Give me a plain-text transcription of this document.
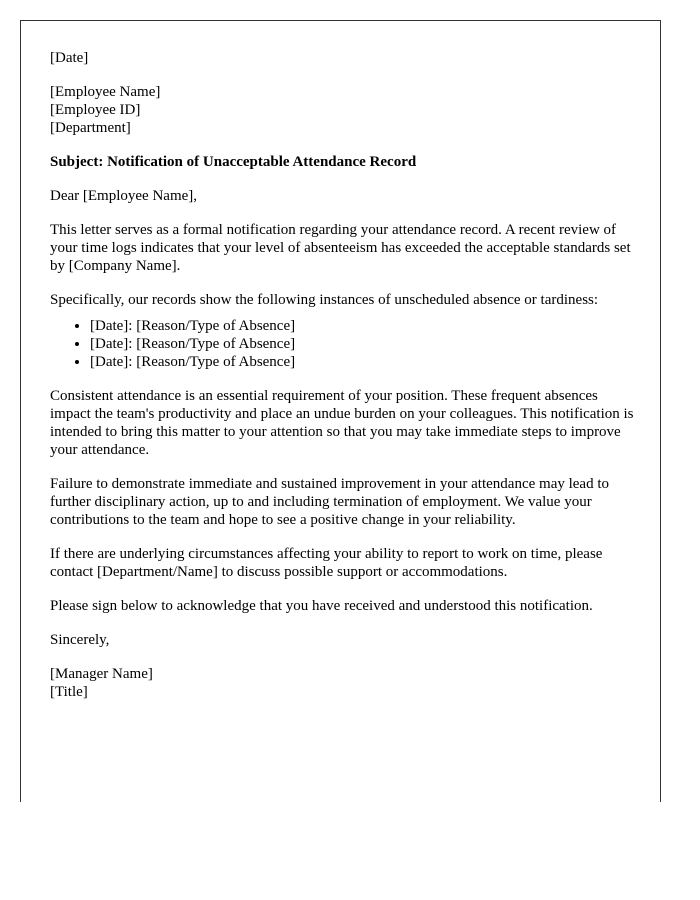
[Date]

[Employee Name]
[Employee ID]
[Department]

Subject: Notification of Unacceptable Attendance Record

Dear [Employee Name],

This letter serves as a formal notification regarding your attendance record. A recent review of your time logs indicates that your level of absenteeism has exceeded the acceptable standards set by [Company Name].

Specifically, our records show the following instances of unscheduled absence or tardiness:

• [Date]: [Reason/Type of Absence]
• [Date]: [Reason/Type of Absence]
• [Date]: [Reason/Type of Absence]

Consistent attendance is an essential requirement of your position. These frequent absences impact the team's productivity and place an undue burden on your colleagues. This notification is intended to bring this matter to your attention so that you may take immediate steps to improve your attendance.

Failure to demonstrate immediate and sustained improvement in your attendance may lead to further disciplinary action, up to and including termination of employment. We value your contributions to the team and hope to see a positive change in your reliability.

If there are underlying circumstances affecting your ability to report to work on time, please contact [Department/Name] to discuss possible support or accommodations.

Please sign below to acknowledge that you have received and understood this notification.

Sincerely,

[Manager Name]
[Title]
